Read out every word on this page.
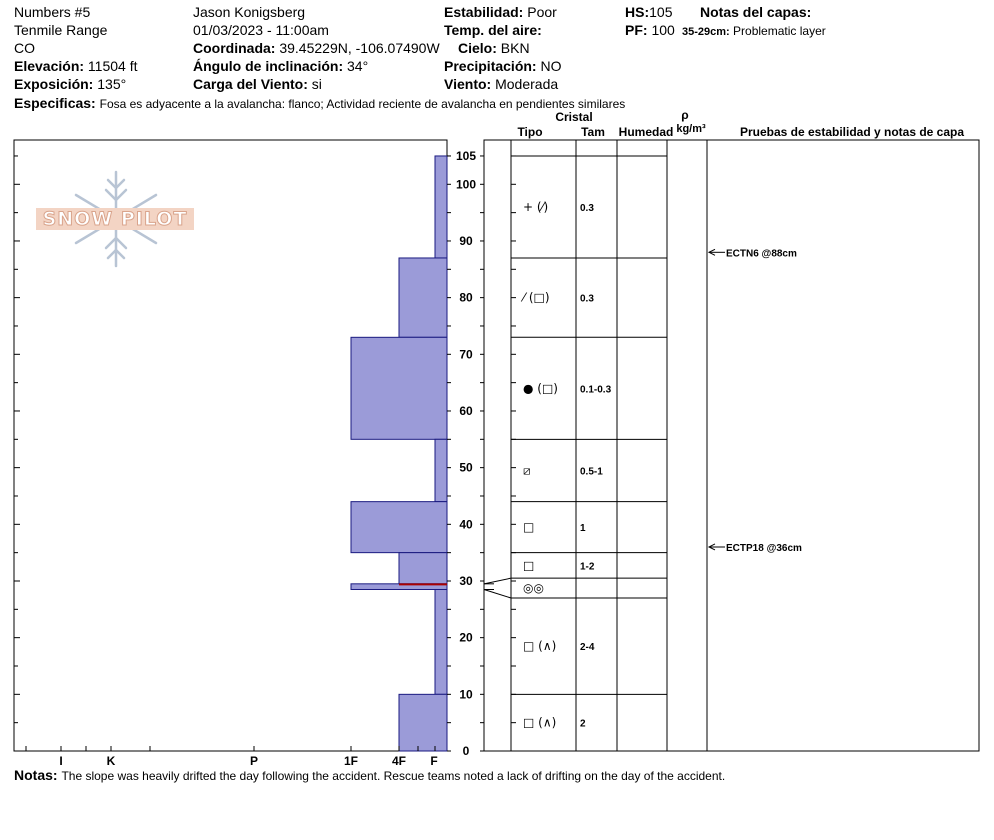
Numbers #5
Tenmile Range
CO
Elevación: 11504 ft
Exposición: 135°
Jason Konigsberg
01/03/2023 - 11:00am
Coordinada: 39.45229N, -106.07490W
Ángulo de inclinación: 34°
Carga del Viento: si
Estabilidad: Poor
Temp. del aire:
Cielo: BKN
Precipitación: NO
Viento: Moderada
HS:105
PF: 100
Notas del capas:
35-29cm: Problematic layer
Especificas: Fosa es adyacente a la avalancha: flanco; Actividad reciente de avalancha en pendientes similares
Cristal
Tipo	Tam	Humedad
ρ
kg/m³	Pruebas de estabilidad y notas de capa
SNOW PILOT
Notas: The slope was heavily drifted the day following the accident. Rescue teams noted a lack of drifting on the day of the accident.
I	K	P	1F	4F F
0
10
20
30
40
50
60
70
80
90
100
105
+ (⁄)	0.3
⁄ (□)	0.3
● (□) 0.1-0.3
⧄	0.5-1
□	1
□	1-2
◎◎
□ (∧) 2-4
□ (∧) 2
ECTN6 @88cm
ECTP18 @36cm
